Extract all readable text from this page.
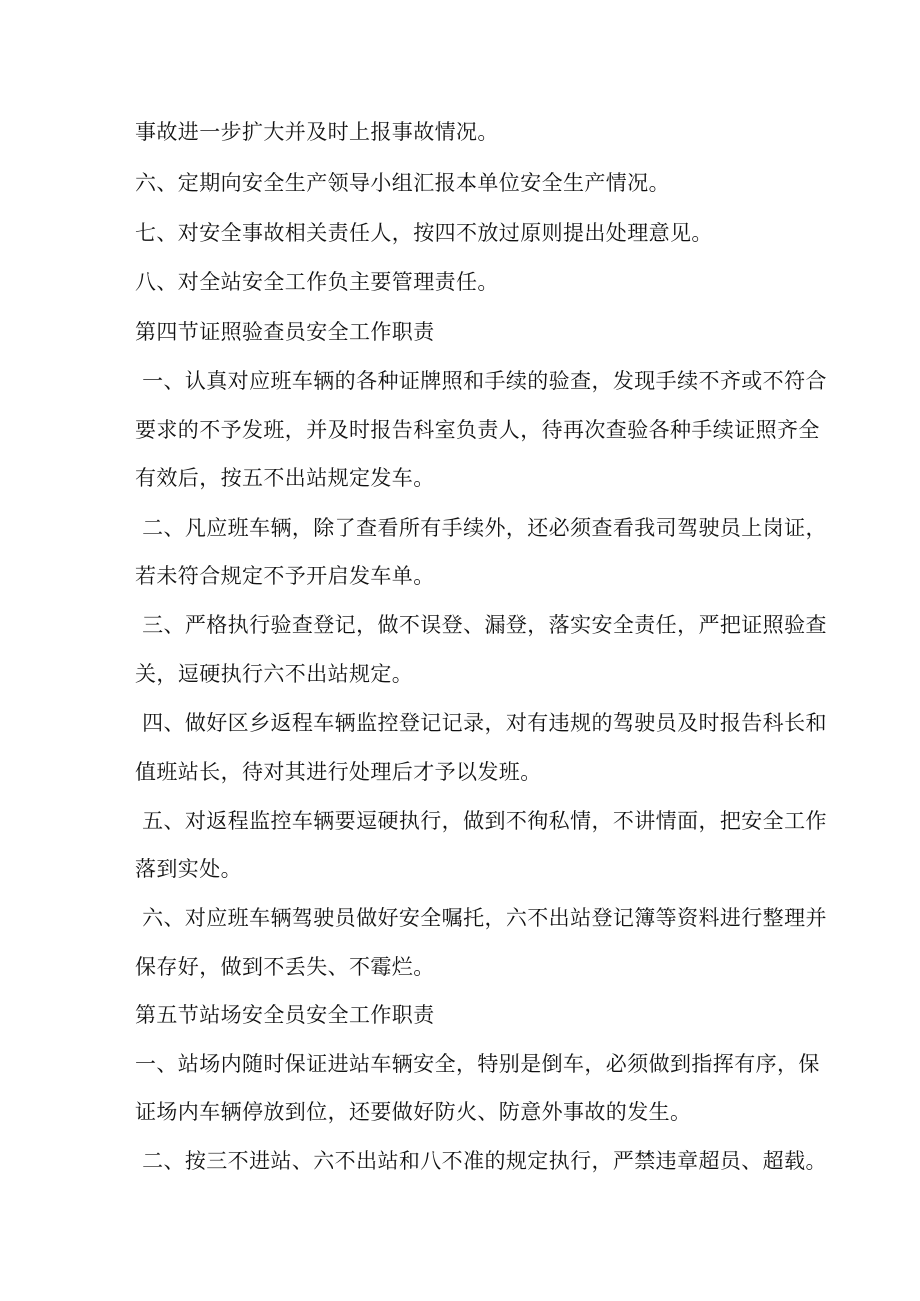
事故进一步扩大并及时上报事故情况。
六、定期向安全生产领导小组汇报本单位安全生产情况。
七、对安全事故相关责任人，按四不放过原则提出处理意见。
八、对全站安全工作负主要管理责任。
第四节证照验查员安全工作职责
一、认真对应班车辆的各种证牌照和手续的验查，发现手续不齐或不符合
要求的不予发班，并及时报告科室负责人，待再次查验各种手续证照齐全
有效后，按五不出站规定发车。
二、凡应班车辆，除了查看所有手续外，还必须查看我司驾驶员上岗证，
若未符合规定不予开启发车单。
三、严格执行验查登记，做不误登、漏登，落实安全责任，严把证照验查
关，逗硬执行六不出站规定。
四、做好区乡返程车辆监控登记记录，对有违规的驾驶员及时报告科长和
值班站长，待对其进行处理后才予以发班。
五、对返程监控车辆要逗硬执行，做到不徇私情，不讲情面，把安全工作
落到实处。
六、对应班车辆驾驶员做好安全嘱托，六不出站登记簿等资料进行整理并
保存好，做到不丢失、不霉烂。
第五节站场安全员安全工作职责
一、站场内随时保证进站车辆安全，特别是倒车，必须做到指挥有序，保
证场内车辆停放到位，还要做好防火、防意外事故的发生。
二、按三不进站、六不出站和八不准的规定执行，严禁违章超员、超载。
